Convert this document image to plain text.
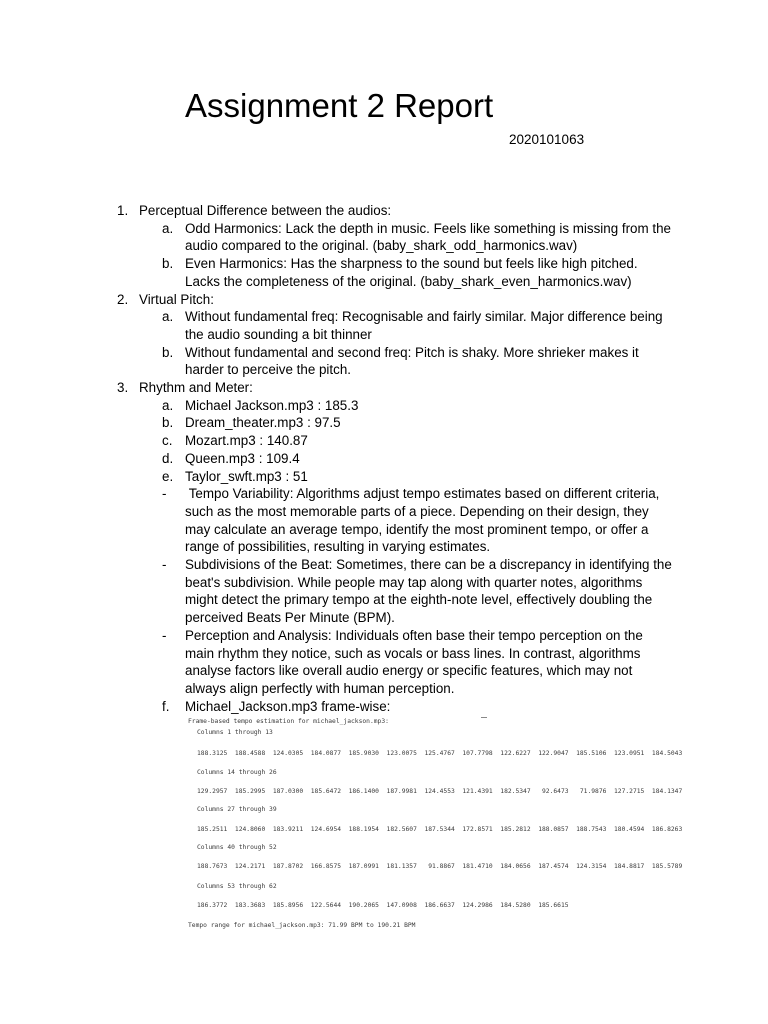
Assignment 2 Report
2020101063
1. Perceptual Difference between the audios:
a. Odd Harmonics: Lack the depth in music. Feels like something is missing from the audio compared to the original. (baby_shark_odd_harmonics.wav)
b. Even Harmonics: Has the sharpness to the sound but feels like high pitched. Lacks the completeness of the original. (baby_shark_even_harmonics.wav)
2. Virtual Pitch:
a. Without fundamental freq: Recognisable and fairly similar. Major difference being the audio sounding a bit thinner
b. Without fundamental and second freq: Pitch is shaky. More shrieker makes it harder to perceive the pitch.
3. Rhythm and Meter:
a. Michael Jackson.mp3 : 185.3
b. Dream_theater.mp3 : 97.5
c. Mozart.mp3 : 140.87
d. Queen.mp3 : 109.4
e. Taylor_swft.mp3 : 51
- Tempo Variability: Algorithms adjust tempo estimates based on different criteria, such as the most memorable parts of a piece. Depending on their design, they may calculate an average tempo, identify the most prominent tempo, or offer a range of possibilities, resulting in varying estimates.
- Subdivisions of the Beat: Sometimes, there can be a discrepancy in identifying the beat's subdivision. While people may tap along with quarter notes, algorithms might detect the primary tempo at the eighth-note level, effectively doubling the perceived Beats Per Minute (BPM).
- Perception and Analysis: Individuals often base their tempo perception on the main rhythm they notice, such as vocals or bass lines. In contrast, algorithms analyse factors like overall audio energy or specific features, which may not always align perfectly with human perception.
f. Michael_Jackson.mp3 frame-wise:
Frame-based tempo estimation for michael_jackson.mp3:
Columns 1 through 13
188.3125  188.4588  124.0305  184.0877  185.9030  123.0075  125.4767  107.7798  122.6227  122.9047  185.5106  123.0951  184.5043
Columns 14 through 26
129.2957  185.2995  187.0300  185.6472  186.1400  187.9981  124.4553  121.4391  182.5347   92.6473   71.9876  127.2715  184.1347
Columns 27 through 39
185.2511  124.8060  183.9211  124.6954  188.1954  182.5607  187.5344  172.8571  185.2812  188.0857  188.7543  180.4594  186.8263
Columns 40 through 52
188.7673  124.2171  187.8702  166.8575  187.0991  181.1357   91.8867  181.4710  184.0656  187.4574  124.3154  184.8817  185.5789
Columns 53 through 62
186.3772  183.3683  185.8956  122.5644  190.2065  147.0908  186.6637  124.2986  184.5280  185.6615
Tempo range for michael_jackson.mp3: 71.99 BPM to 190.21 BPM
